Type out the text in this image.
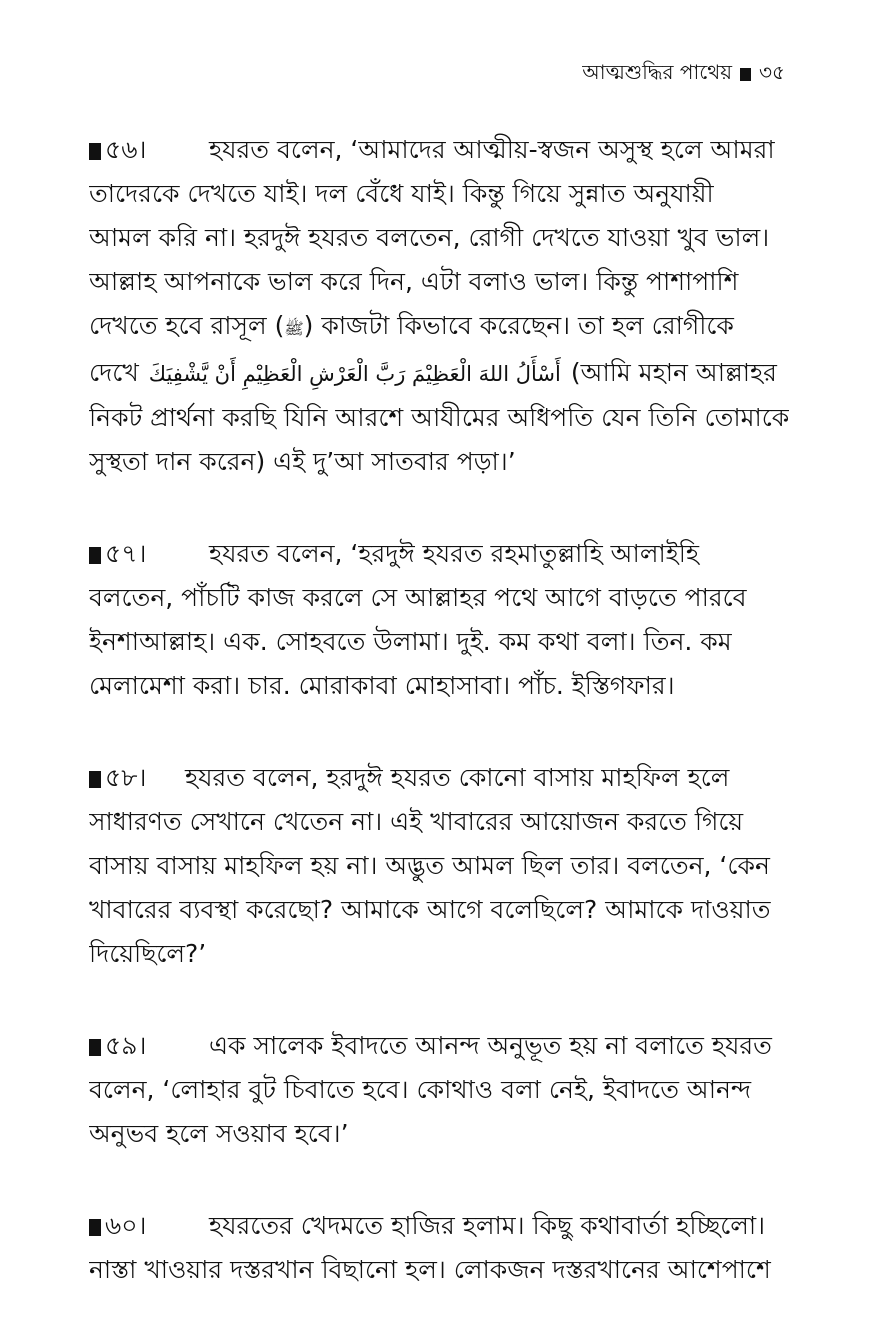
আত্মশুদ্ধির পাথেয় ৩৫
৫৬।	হযরত বলেন, ‘আমাদের আত্মীয়-স্বজন অসুস্থ হলে আমরা
তাদেরকে দেখতে যাই। দল বেঁধে যাই। কিন্তু গিয়ে সুন্নাত অনুযায়ী
আমল করি না। হরদুঈ হযরত বলতেন, রোগী দেখতে যাওয়া খুব ভাল।
আল্লাহ আপনাকে ভাল করে দিন, এটা বলাও ভাল। কিন্তু পাশাপাশি
দেখতে হবে রাসূল (ﷺ) কাজটা কিভাবে করেছেন। তা হল রোগীকে
দেখে أَسْأَلُ اللهَ الْعَظِيْمَ رَبَّ الْعَرْشِ الْعَظِيْمِ أَنْ يَّشْفِيَكَ (আমি মহান আল্লাহর
নিকট প্রার্থনা করছি যিনি আরশে আযীমের অধিপতি যেন তিনি তোমাকে
সুস্থতা দান করেন) এই দু’আ সাতবার পড়া।’
৫৭।	হযরত বলেন, ‘হরদুঈ হযরত রহমাতুল্লাহি আলাইহি
বলতেন, পাঁচটি কাজ করলে সে আল্লাহর পথে আগে বাড়তে পারবে
ইনশাআল্লাহ। এক. সোহবতে উলামা। দুই. কম কথা বলা। তিন. কম
মেলামেশা করা। চার. মোরাকাবা মোহাসাবা। পাঁচ. ইস্তিগফার।
৫৮। হযরত বলেন, হরদুঈ হযরত কোনো বাসায় মাহফিল হলে
সাধারণত সেখানে খেতেন না। এই খাবারের আয়োজন করতে গিয়ে
বাসায় বাসায় মাহফিল হয় না। অদ্ভুত আমল ছিল তার। বলতেন, ‘কেন
খাবারের ব্যবস্থা করেছো? আমাকে আগে বলেছিলে? আমাকে দাওয়াত
দিয়েছিলে?’
৫৯।	এক সালেক ইবাদতে আনন্দ অনুভূত হয় না বলাতে হযরত
বলেন, ‘লোহার বুট চিবাতে হবে। কোথাও বলা নেই, ইবাদতে আনন্দ
অনুভব হলে সওয়াব হবে।’
৬০।	হযরতের খেদমতে হাজির হলাম। কিছু কথাবার্তা হচ্ছিলো।
নাস্তা খাওয়ার দস্তরখান বিছানো হল। লোকজন দস্তরখানের আশেপাশে
